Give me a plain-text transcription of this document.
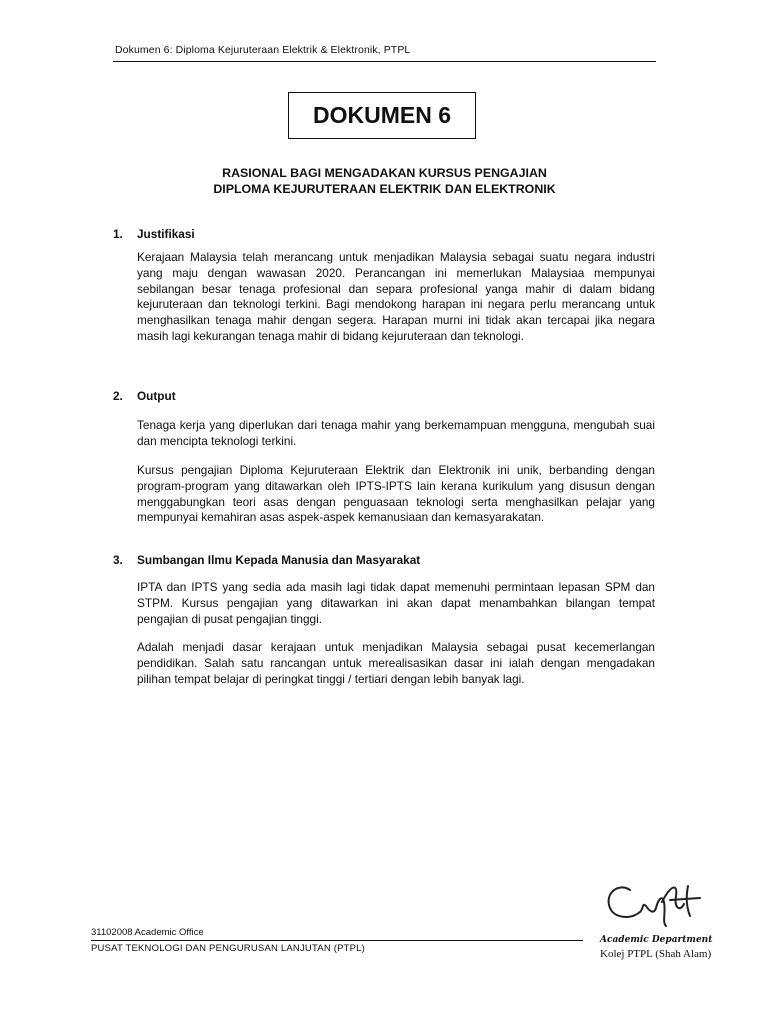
Dokumen 6: Diploma Kejuruteraan Elektrik & Elektronik, PTPL
DOKUMEN 6
RASIONAL BAGI MENGADAKAN KURSUS PENGAJIAN
DIPLOMA KEJURUTERAAN ELEKTRIK DAN ELEKTRONIK
1. Justifikasi

Kerajaan Malaysia telah merancang untuk menjadikan Malaysia sebagai suatu negara industri yang maju dengan wawasan 2020. Perancangan ini memerlukan Malaysiaa mempunyai sebilangan besar tenaga profesional dan separa profesional yanga mahir di dalam bidang kejuruteraan dan teknologi terkini. Bagi mendokong harapan ini negara perlu merancang untuk menghasilkan tenaga mahir dengan segera. Harapan murni ini tidak akan tercapai jika negara masih lagi kekurangan tenaga mahir di bidang kejuruteraan dan teknologi.

2. Output

Tenaga kerja yang diperlukan dari tenaga mahir yang berkemampuan mengguna, mengubah suai dan mencipta teknologi terkini.

Kursus pengajian Diploma Kejuruteraan Elektrik dan Elektronik ini unik, berbanding dengan program-program yang ditawarkan oleh IPTS-IPTS lain kerana kurikulum yang disusun dengan menggabungkan teori asas dengan penguasaan teknologi serta menghasilkan pelajar yang mempunyai kemahiran asas aspek-aspek kemanusiaan dan kemasyarakatan.

3. Sumbangan Ilmu Kepada Manusia dan Masyarakat

IPTA dan IPTS yang sedia ada masih lagi tidak dapat memenuhi permintaan lepasan SPM dan STPM. Kursus pengajian yang ditawarkan ini akan dapat menambahkan bilangan tempat pengajian di pusat pengajian tinggi.

Adalah menjadi dasar kerajaan untuk menjadikan Malaysia sebagai pusat kecemerlangan pendidikan. Salah satu rancangan untuk merealisasikan dasar ini ialah dengan mengadakan pilihan tempat belajar di peringkat tinggi / tertiari dengan lebih banyak lagi.

31102008 Academic Office
PUSAT TEKNOLOGI DAN PENGURUSAN LANJUTAN (PTPL)
Academic Department
Kolej PTPL (Shah Alam)
